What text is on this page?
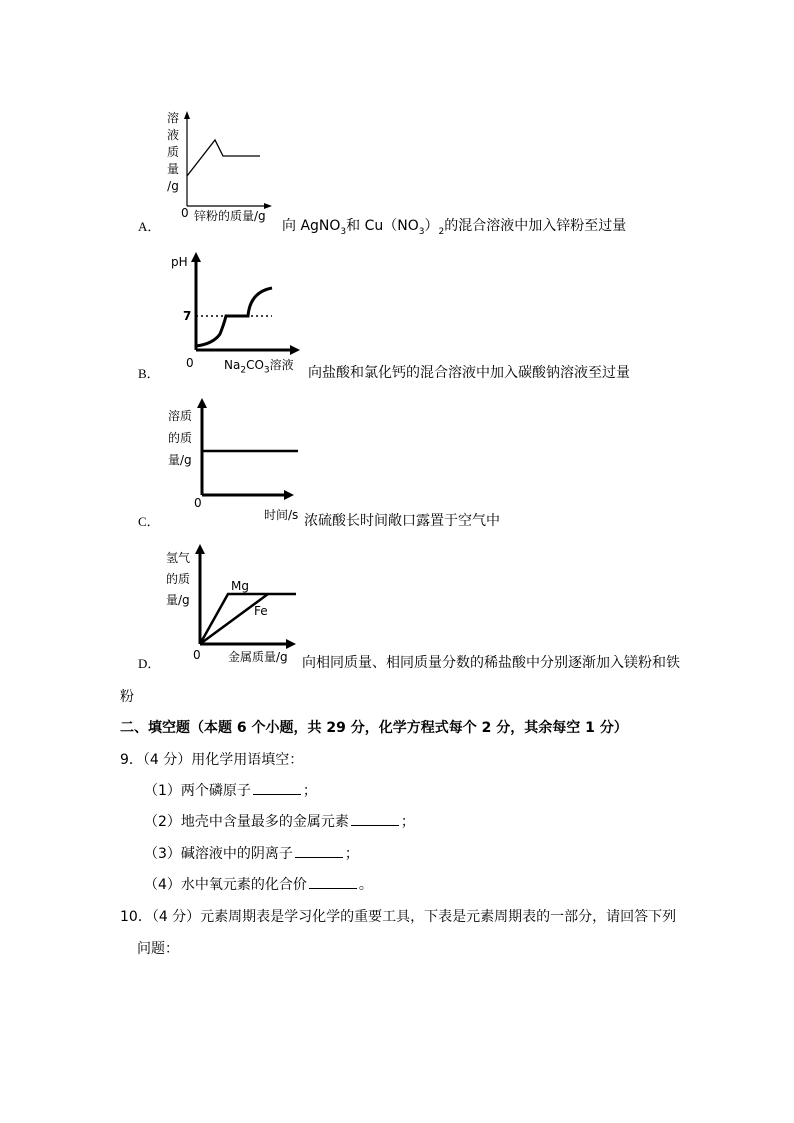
溶
液
质
量
/g
0 锌粉的质量/g
A．	向 AgNO$_3$和 $Cu(NO_3)_2$的混合溶液中加入锌粉至过量
pH
7
0	$Na_2CO_3$溶液
B．	向盐酸和氯化钙的混合溶液中加入碳酸钠溶液至过量
溶质
的质
量/g
0
时间/s
C．	浓硫酸长时间敞口露置于空气中
氢气
的质
量/g
Mg
Fe
0 金属质量/g
D．	向相同质量、相同质量分数的稀盐酸中分别逐渐加入镁粉和铁
粉
二、填空题（本题 6 个小题，共 29 分，化学方程式每个 2 分，其余每空 1 分）
9．（4 分）用化学用语填空：
（1）两个磷原子	；
（2）地壳中含量最多的金属元素	；
（3）碱溶液中的阴离子	；
（4）水中氧元素的化合价	。
10．（4 分）元素周期表是学习化学的重要工具，下表是元素周期表的一部分，请回答下列
问题：
